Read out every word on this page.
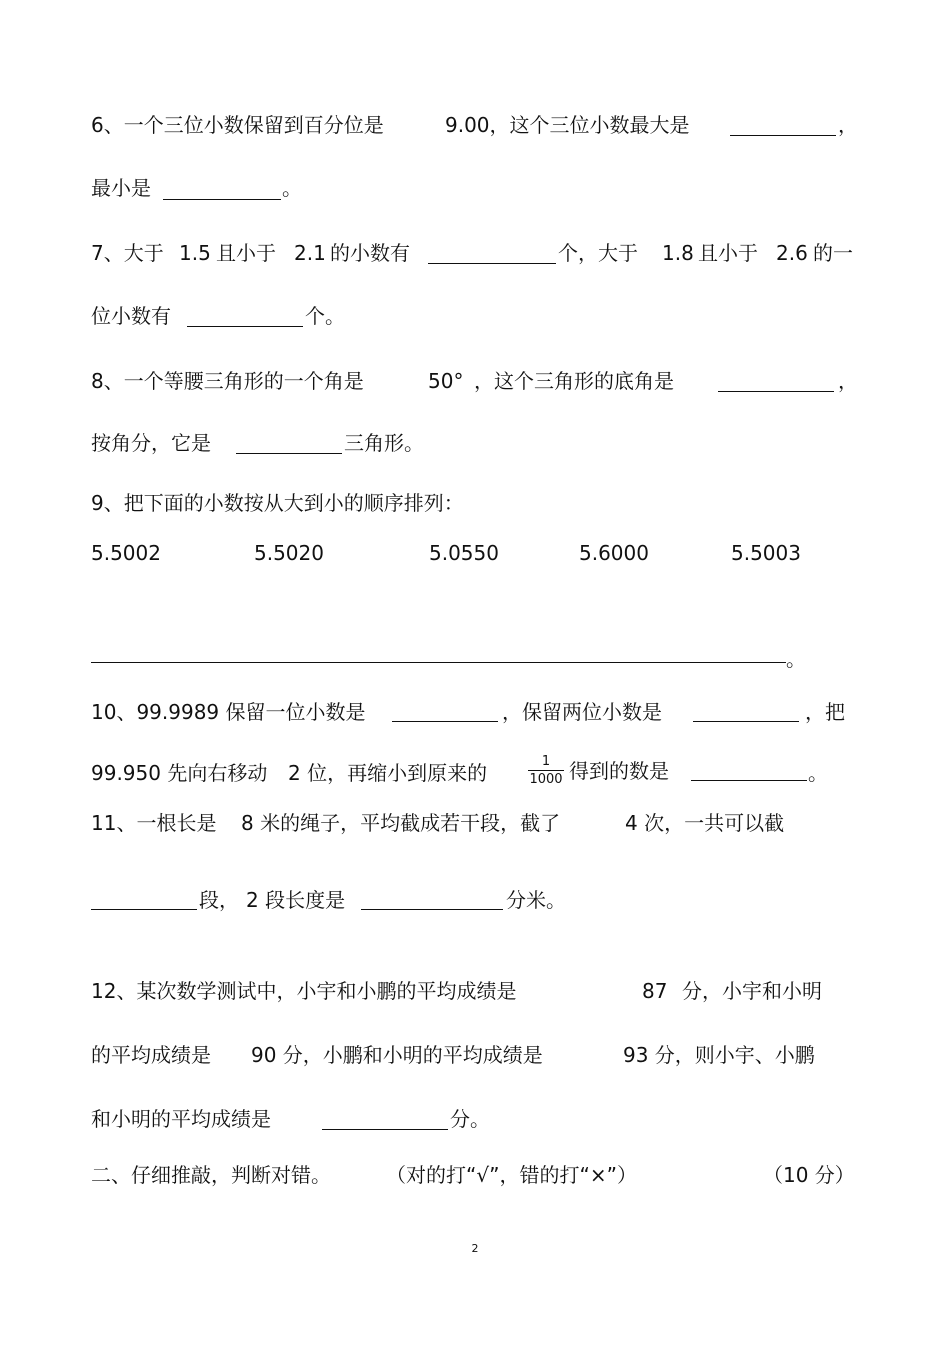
6、一个三位小数保留到百分位是	9.00，这个三位小数最大是	，
最小是	。
7、大于 1.5 且小于 2.1 的小数有	个，大于 1.8 且小于 2.6 的一
位小数有	个。
8、一个等腰三角形的一个角是	50° ，这个三角形的底角是	，
按角分，它是	三角形。
9、把下面的小数按从大到小的顺序排列：
5.5002	5.5020	5.0550	5.6000	5.5003
。
10、99.9989 保留一位小数是	，保留两位小数是	，把
99.950 先向右移动 2 位，再缩小到原来的	1
1000 得到的数是	。
11、一根长是 8 米的绳子，平均截成若干段，截了	4 次，一共可以截
段， 2 段长度是	分米。
12、某次数学测试中，小宇和小鹏的平均成绩是	87 分，小宇和小明
的平均成绩是 90 分，小鹏和小明的平均成绩是	93 分，则小宇、小鹏
和小明的平均成绩是	分。
二、仔细推敲，判断对错。	（对的打“√”，错的打“×”）	（10 分）
2
